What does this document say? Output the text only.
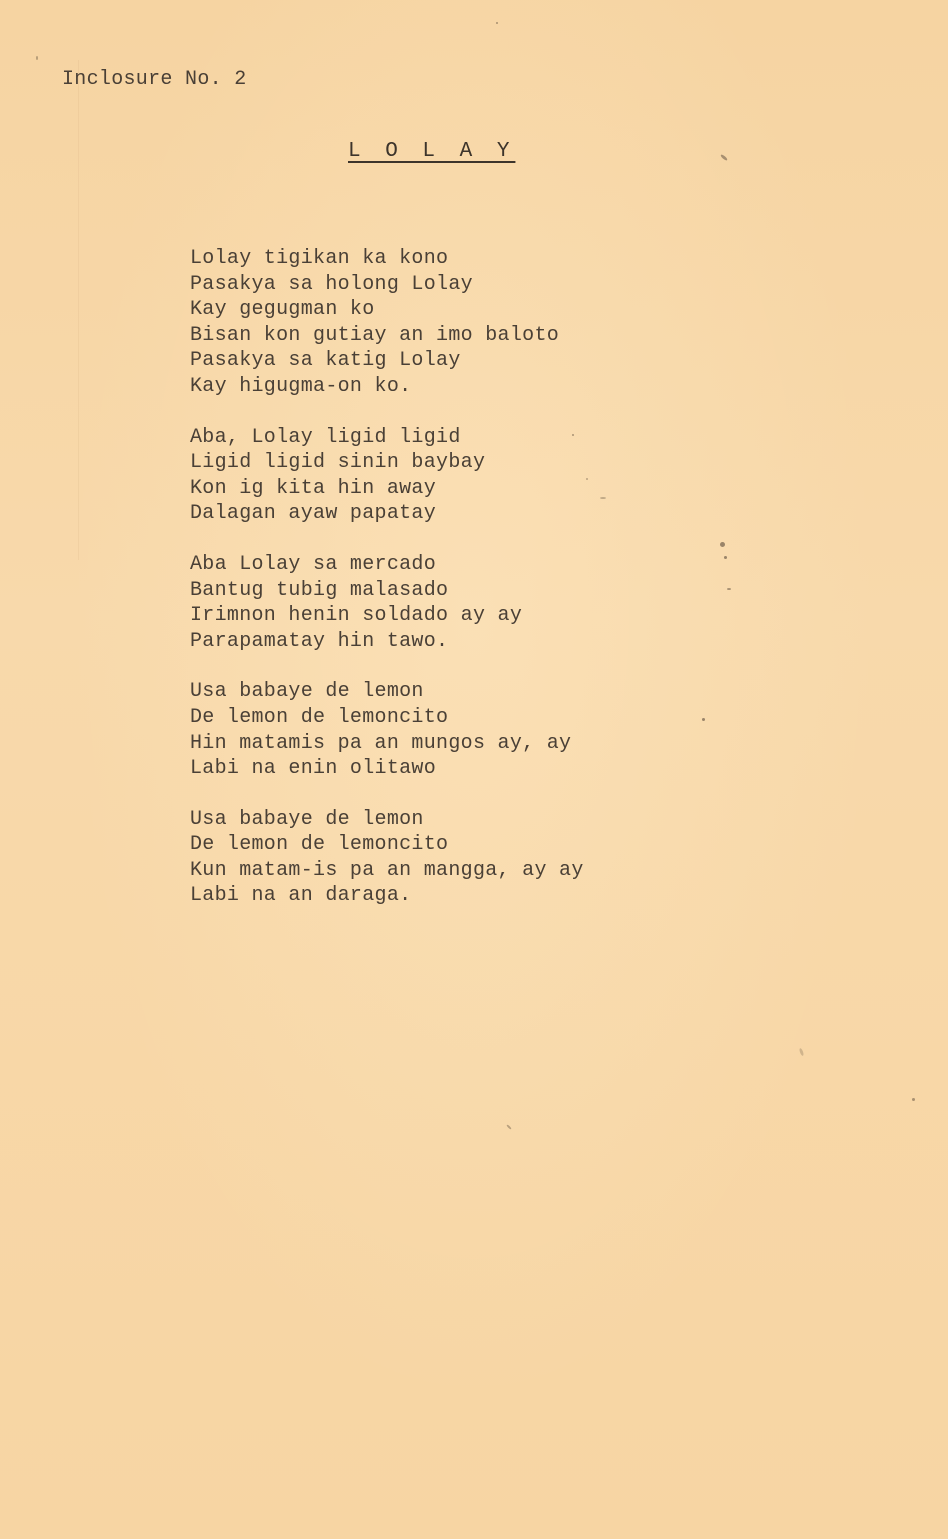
Inclosure No. 2
L O L A Y
Lolay tigikan ka kono
Pasakya sa holong Lolay
Kay gegugman ko
Bisan kon gutiay an imo baloto
Pasakya sa katig Lolay
Kay higugma-on ko.
Aba, Lolay ligid ligid
Ligid ligid sinin baybay
Kon ig kita hin away
Dalagan ayaw papatay
Aba Lolay sa mercado
Bantug tubig malasado
Irimnon henin soldado ay ay
Parapamatay hin tawo.
Usa babaye de lemon
De lemon de lemoncito
Hin matamis pa an mungos ay, ay
Labi na enin olitawo
Usa babaye de lemon
De lemon de lemoncito
Kun matam-is pa an mangga, ay ay
Labi na an daraga.
